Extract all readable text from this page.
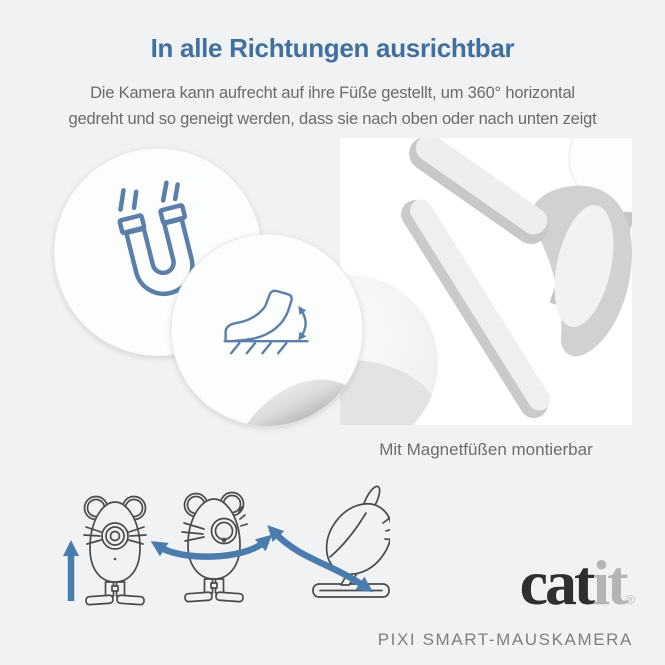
In alle Richtungen ausrichtbar
Die Kamera kann aufrecht auf ihre Füße gestellt, um 360° horizontal
gedreht und so geneigt werden, dass sie nach oben oder nach unten zeigt
Mit Magnetfüßen montierbar
catit®
PIXI SMART-MAUSKAMERA
